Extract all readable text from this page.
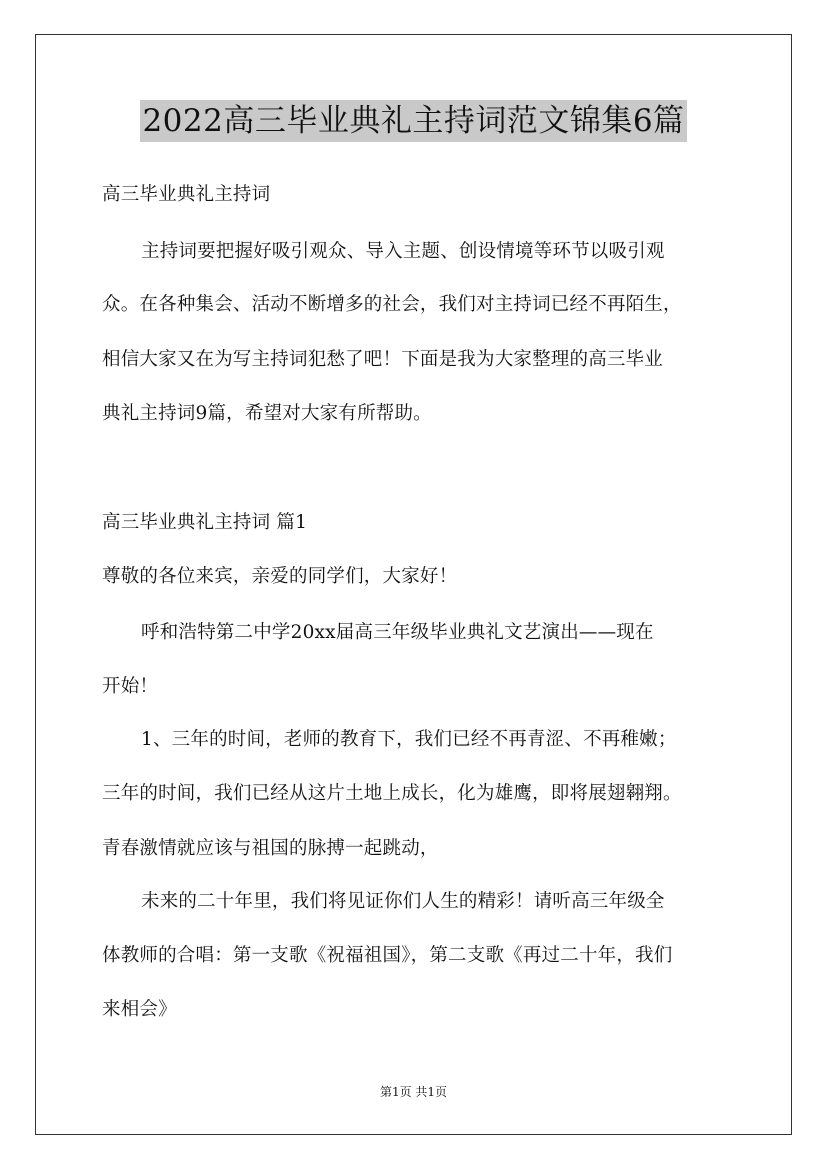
2022高三毕业典礼主持词范文锦集6篇
高三毕业典礼主持词
主持词要把握好吸引观众、导入主题、创设情境等环节以吸引观
众。在各种集会、活动不断增多的社会，我们对主持词已经不再陌生，
相信大家又在为写主持词犯愁了吧！下面是我为大家整理的高三毕业
典礼主持词9篇，希望对大家有所帮助。
高三毕业典礼主持词 篇1
尊敬的各位来宾，亲爱的同学们，大家好！
呼和浩特第二中学20xx届高三年级毕业典礼文艺演出——现在
开始！
1、三年的时间，老师的教育下，我们已经不再青涩、不再稚嫩；
三年的时间，我们已经从这片土地上成长，化为雄鹰，即将展翅翱翔。
青春激情就应该与祖国的脉搏一起跳动，
未来的二十年里，我们将见证你们人生的精彩！请听高三年级全
体教师的合唱：第一支歌《祝福祖国》，第二支歌《再过二十年，我们
来相会》
第1页 共1页
